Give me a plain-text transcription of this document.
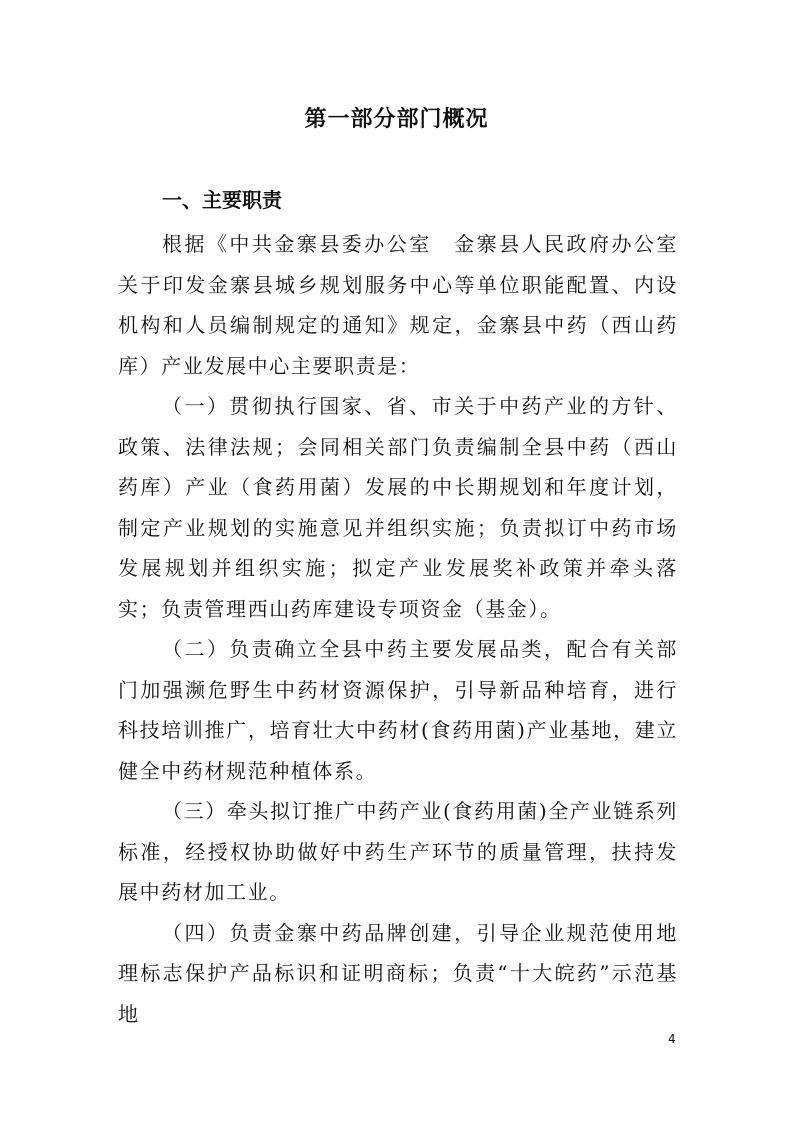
第一部分部门概况
一、主要职责

根据《中共金寨县委办公室　金寨县人民政府办公室关于印发金寨县城乡规划服务中心等单位职能配置、内设机构和人员编制规定的通知》规定，金寨县中药（西山药库）产业发展中心主要职责是：

（一）贯彻执行国家、省、市关于中药产业的方针、政策、法律法规；会同相关部门负责编制全县中药（西山药库）产业（食药用菌）发展的中长期规划和年度计划，制定产业规划的实施意见并组织实施；负责拟订中药市场发展规划并组织实施；拟定产业发展奖补政策并牵头落实；负责管理西山药库建设专项资金（基金）。

（二）负责确立全县中药主要发展品类，配合有关部门加强濒危野生中药材资源保护，引导新品种培育，进行科技培训推广，培育壮大中药材(食药用菌)产业基地，建立健全中药材规范种植体系。

（三）牵头拟订推广中药产业(食药用菌)全产业链系列标准，经授权协助做好中药生产环节的质量管理，扶持发展中药材加工业。

（四）负责金寨中药品牌创建，引导企业规范使用地理标志保护产品标识和证明商标；负责“十大皖药”示范基地

4
